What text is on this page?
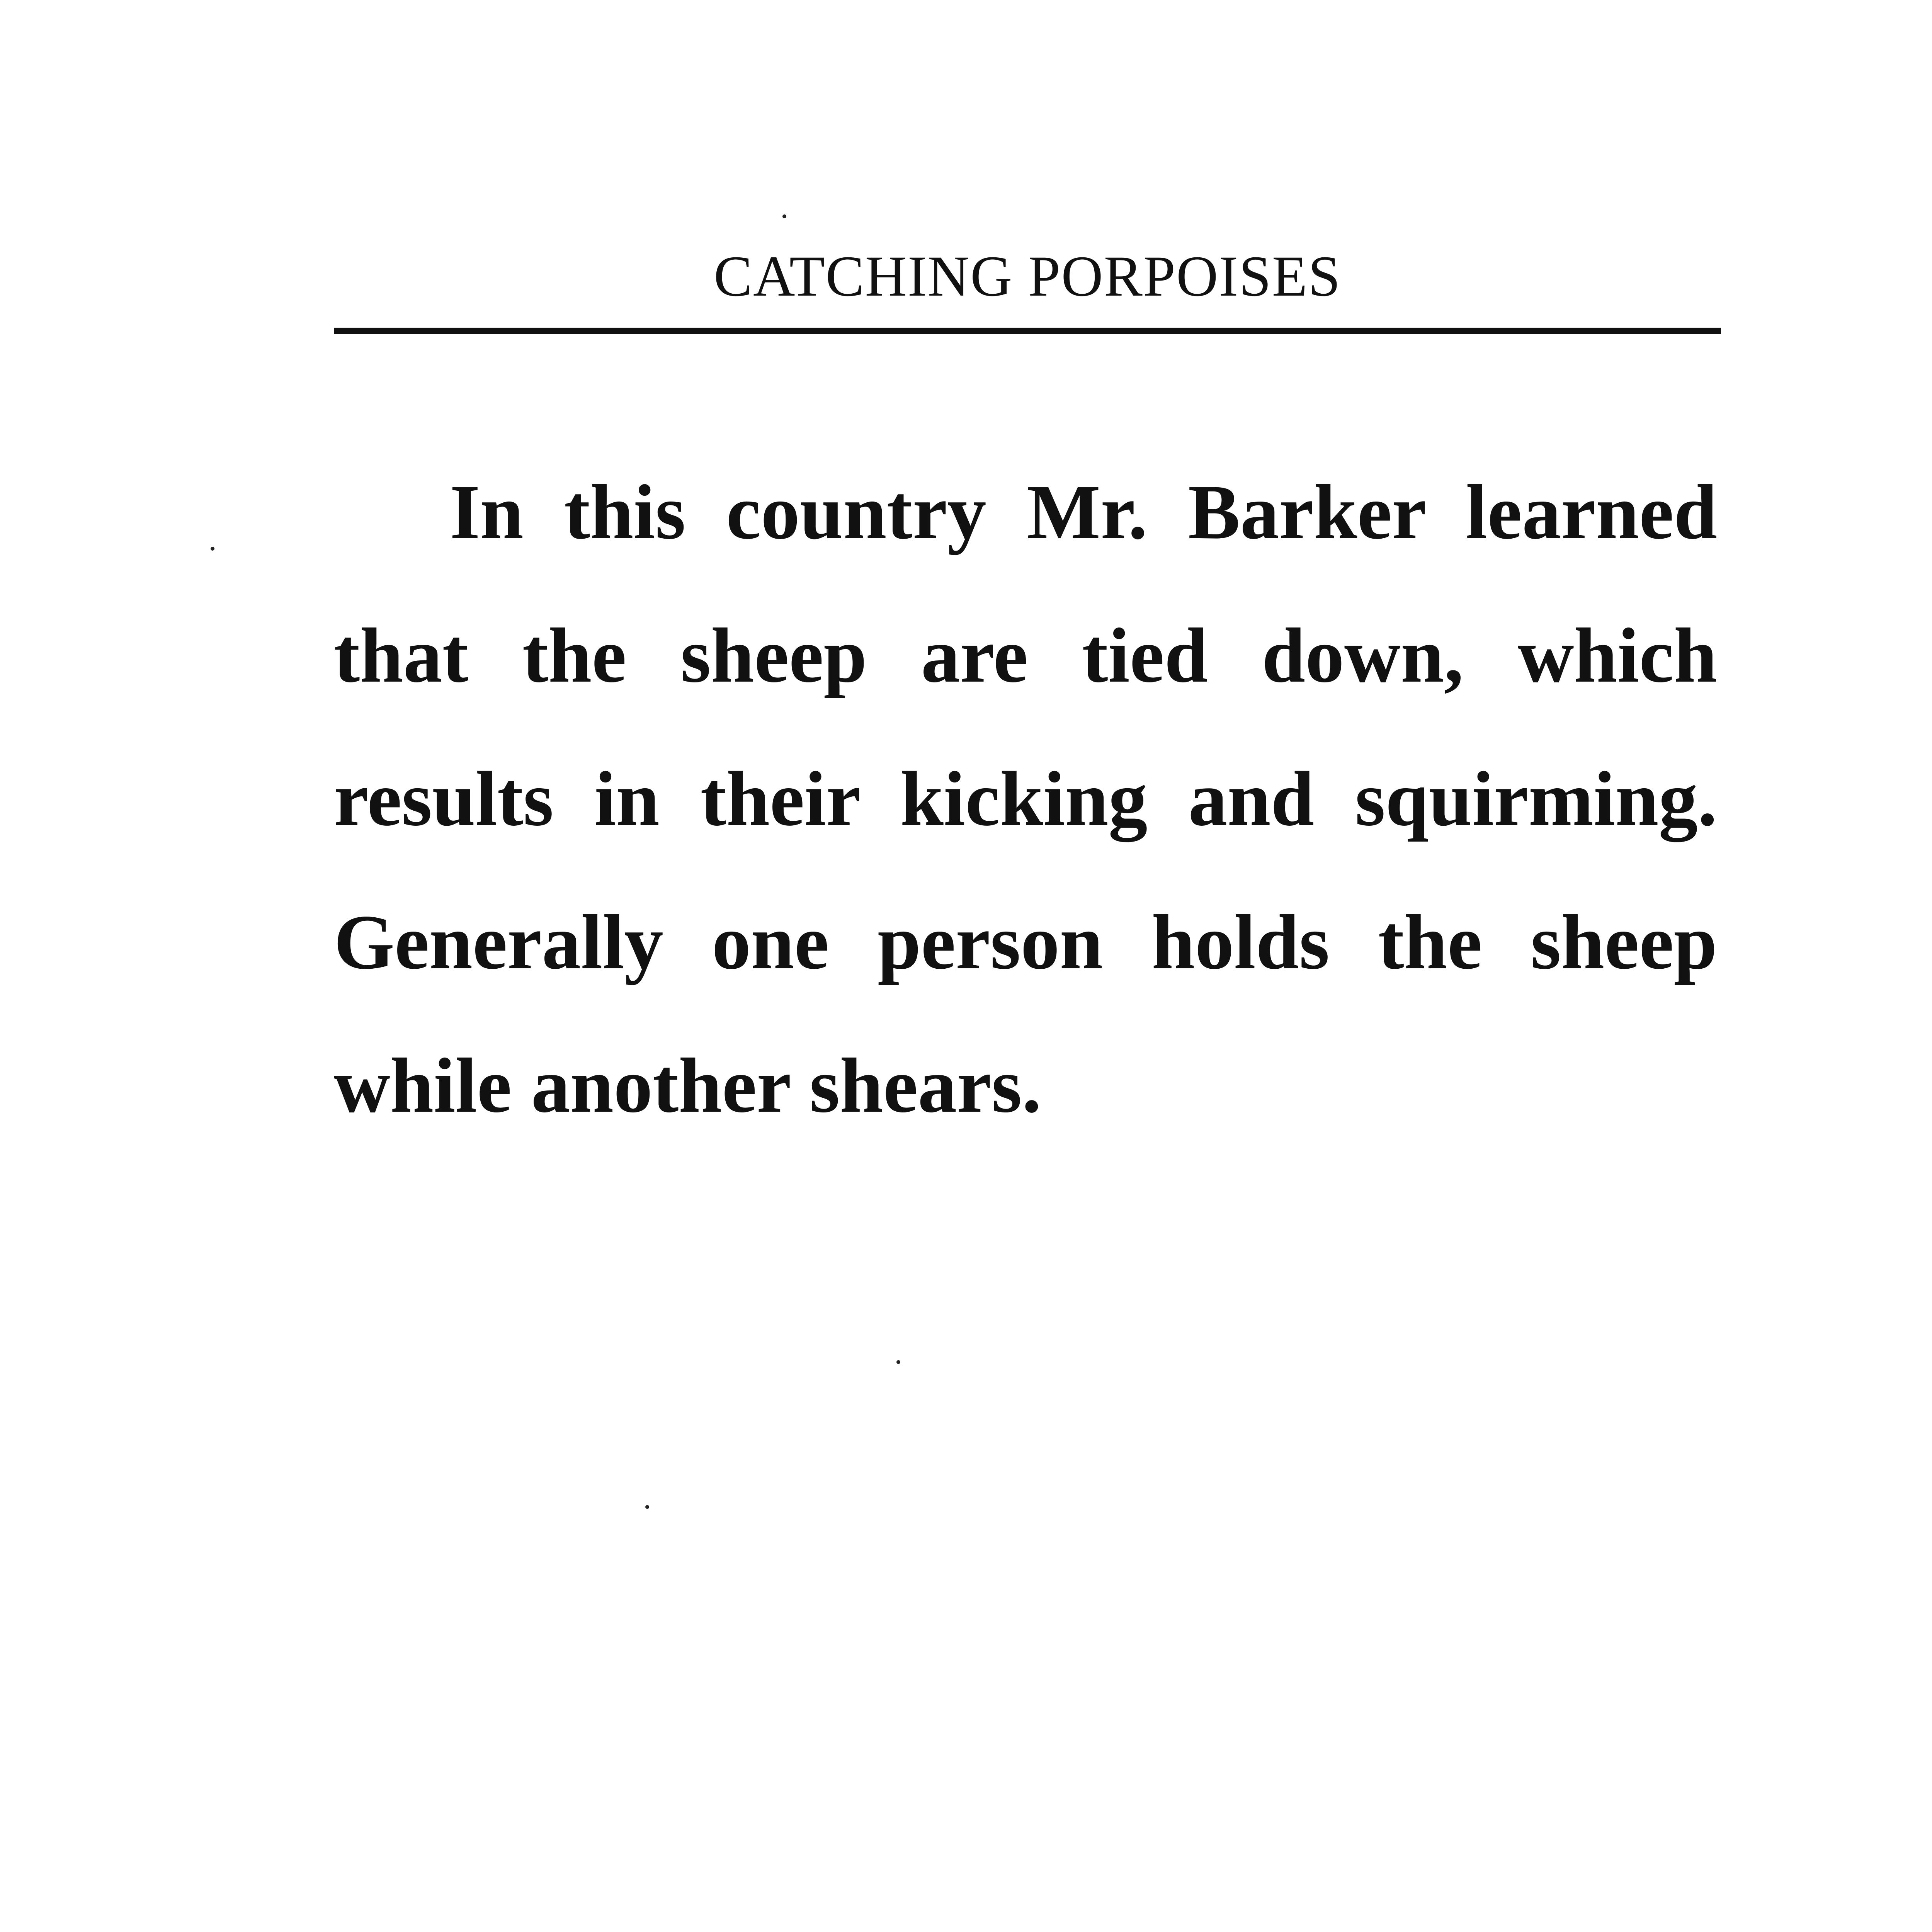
CATCHING PORPOISES

In this country Mr. Barker learned that the sheep are tied down, which results in their kicking and squirming. Generally one person holds the sheep while another shears.
